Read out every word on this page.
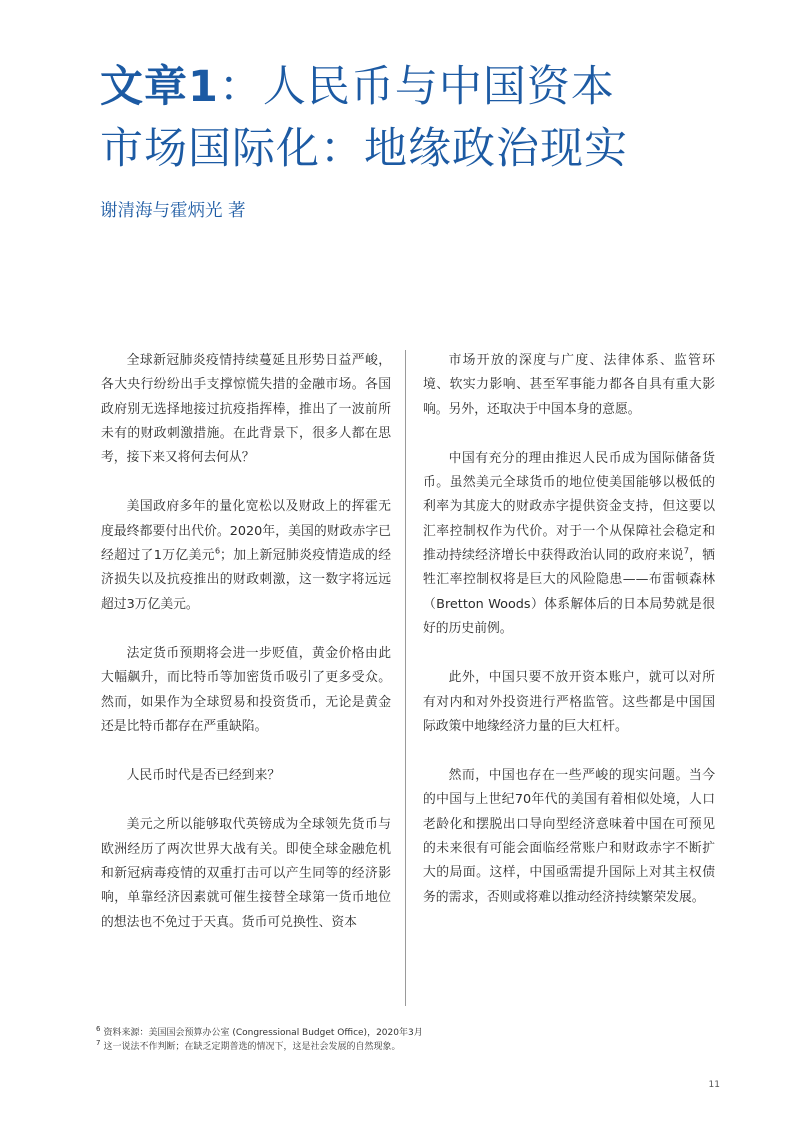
文章1：人民币与中国资本
市场国际化：地缘政治现实

谢清海与霍炳光 著

全球新冠肺炎疫情持续蔓延且形势日益严峻，各大央行纷纷出手支撑惊慌失措的金融市场。各国政府别无选择地接过抗疫指挥棒，推出了一波前所未有的财政刺激措施。在此背景下，很多人都在思考，接下来又将何去何从？

美国政府多年的量化宽松以及财政上的挥霍无度最终都要付出代价。2020年，美国的财政赤字已经超过了1万亿美元$^6$；加上新冠肺炎疫情造成的经济损失以及抗疫推出的财政刺激，这一数字将远远超过3万亿美元。

法定货币预期将会进一步贬值，黄金价格由此大幅飙升，而比特币等加密货币吸引了更多受众。然而，如果作为全球贸易和投资货币，无论是黄金还是比特币都存在严重缺陷。

人民币时代是否已经到来？

美元之所以能够取代英镑成为全球领先货币与欧洲经历了两次世界大战有关。即使全球金融危机和新冠病毒疫情的双重打击可以产生同等的经济影响，单靠经济因素就可催生接替全球第一货币地位的想法也不免过于天真。货币可兑换性、资本

市场开放的深度与广度、法律体系、监管环境、软实力影响、甚至军事能力都各自具有重大影响。另外，还取决于中国本身的意愿。

中国有充分的理由推迟人民币成为国际储备货币。虽然美元全球货币的地位使美国能够以极低的利率为其庞大的财政赤字提供资金支持，但这要以汇率控制权作为代价。对于一个从保障社会稳定和推动持续经济增长中获得政治认同的政府来说$^7$，牺牲汇率控制权将是巨大的风险隐患——布雷顿森林（Bretton Woods）体系解体后的日本局势就是很好的历史前例。

此外，中国只要不放开资本账户，就可以对所有对内和对外投资进行严格监管。这些都是中国国际政策中地缘经济力量的巨大杠杆。

然而，中国也存在一些严峻的现实问题。当今的中国与上世纪70年代的美国有着相似处境，人口老龄化和摆脱出口导向型经济意味着中国在可预见的未来很有可能会面临经常账户和财政赤字不断扩大的局面。这样，中国亟需提升国际上对其主权债务的需求，否则或将难以推动经济持续繁荣发展。

$^6$ 资料来源：美国国会预算办公室 (Congressional Budget Office)，2020年3月
$^7$ 这一说法不作判断；在缺乏定期普选的情况下，这是社会发展的自然现象。
11
